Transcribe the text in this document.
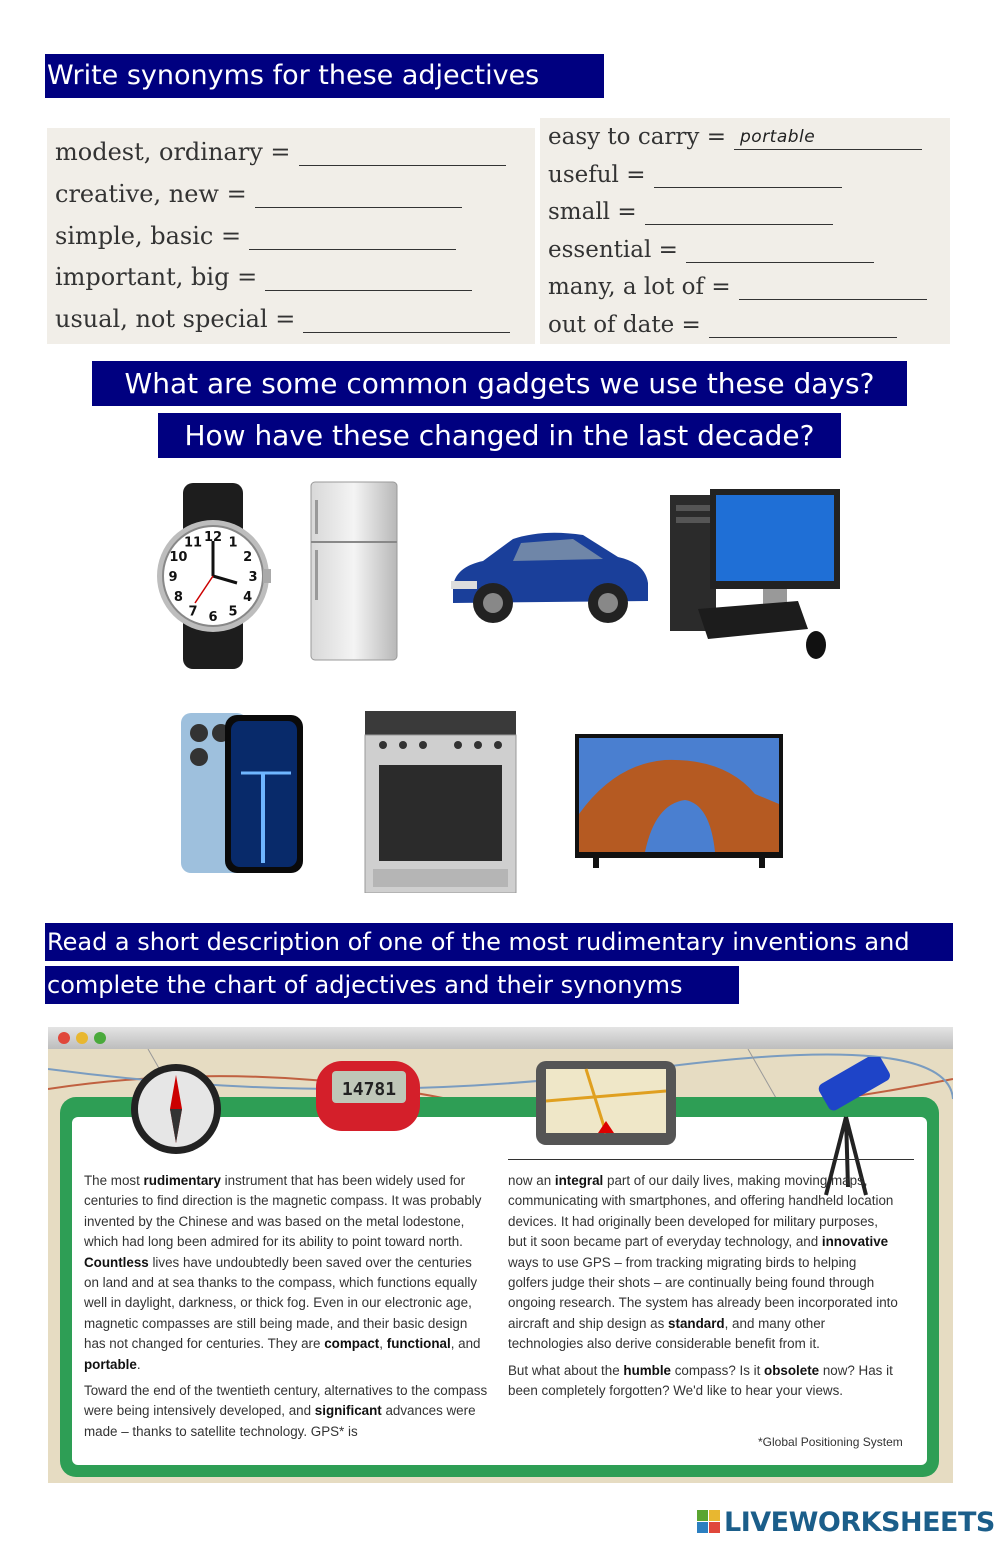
Write synonyms for these adjectives
modest, ordinary =
creative, new =
simple, basic =
important, big =
usual, not special =
easy to carry = portable
useful =
small =
essential =
many, a lot of =
out of date =
What are some common gadgets we use these days?
How have these changed in the last decade?
12 1
2
3
4
5
6
7
8
9
10
11
Read a short description of one of the most rudimentary inventions and
complete the chart of adjectives and their synonyms
14781

The most rudimentary instrument that has been widely used for centuries to find direction is the magnetic compass. It was probably invented by the Chinese and was based on the metal lodestone, which had long been admired for its ability to point toward north. Countless lives have undoubtedly been saved over the centuries on land and at sea thanks to the compass, which functions equally well in daylight, darkness, or thick fog. Even in our electronic age, magnetic compasses are still being made, and their basic design has not changed for centuries. They are compact, functional, and portable.

Toward the end of the twentieth century, alternatives to the compass were being intensively developed, and significant advances were made – thanks to satellite technology. GPS* is

now an integral part of our daily lives, making moving maps, communicating with smartphones, and offering handheld location devices. It had originally been developed for military purposes, but it soon became part of everyday technology, and innovative ways to use GPS – from tracking migrating birds to helping golfers judge their shots – are continually being found through ongoing research. The system has already been incorporated into aircraft and ship design as standard, and many other technologies also derive considerable benefit from it.

But what about the humble compass? Is it obsolete now? Has it been completely forgotten? We'd like to hear your views.

*Global Positioning System
LIVEWORKSHEETS
